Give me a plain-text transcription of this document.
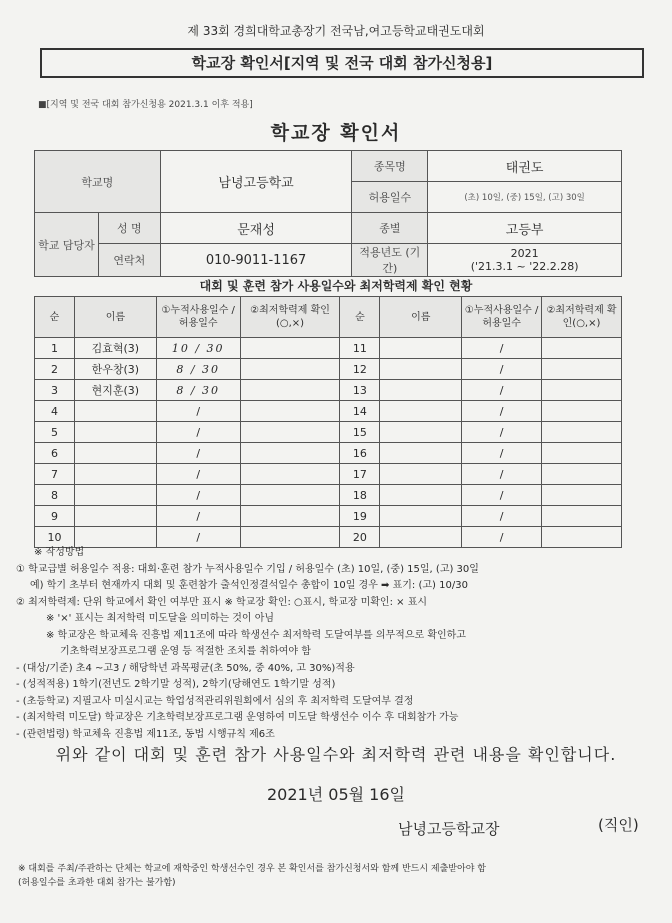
제 33회 경희대학교총장기 전국남,여고등학교태권도대회
학교장 확인서[지역 및 전국 대회 참가신청용]
■[지역 및 전국 대회 참가신청용 2021.3.1 이후 적용]
학교장 확인서
학교명		남녕고등학교	종목명	태권도
			허용일수	(초) 10일, (중) 15일, (고) 30일
학교 담당자	성 명	문재성	종별	고등부
	연락처	010-9011-1167	적용년도 (기간)	2021
('21.3.1 ~ '22.2.28)
대회 및 훈련 참가 사용일수와 최저학력제 확인 현황
순	이름	①누적사용일수 /허용일수	②최저학력제 확인(○,×)	순	이름	①누적사용일수 /허용일수	②최저학력제 확인(○,×)
1	김효혁(3)	10 / 30		11		/	
2	한우창(3)	8 / 30		12		/	
3	현지훈(3)	8 / 30		13		/	
4		/		14		/	
5		/		15		/	
6		/		16		/	
7		/		17		/	
8		/		18		/	
9		/		19		/	
10		/		20		/	
※ 작성방법
① 학교급별 허용일수 적용: 대회·훈련 참가 누적사용일수 기입 / 허용일수 (초) 10일, (중) 15일, (고) 30일
예) 학기 초부터 현재까지 대회 및 훈련참가 출석인정결석일수 총합이 10일 경우 ➡ 표기: (고) 10/30
② 최저학력제: 단위 학교에서 확인 여부만 표시 ※ 학교장 확인: ○표시, 학교장 미확인: × 표시
※ '×' 표시는 최저학력 미도달을 의미하는 것이 아님
※ 학교장은 학교체육 진흥법 제11조에 따라 학생선수 최저학력 도달여부를 의무적으로 확인하고
기초학력보장프로그램 운영 등 적절한 조치를 취하여야 함
- (대상/기준) 초4 ~고3 / 해당학년 과목평균(초 50%, 중 40%, 고 30%)적용
- (성적적용) 1학기(전년도 2학기말 성적), 2학기(당해연도 1학기말 성적)
- (초등학교) 지필고사 미실시교는 학업성적관리위원회에서 심의 후 최저학력 도달여부 결정
- (최저학력 미도달) 학교장은 기초학력보장프로그램 운영하여 미도달 학생선수 이수 후 대회참가 가능
- (관련법령) 학교체육 진흥법 제11조, 동법 시행규칙 제6조
위와 같이 대회 및 훈련 참가 사용일수와 최저학력 관련 내용을 확인합니다.
2021년 05월 16일
남녕고등학교장	(직인)
※ 대회를 주최/주관하는 단체는 학교에 재학중인 학생선수인 경우 본 확인서를 참가신청서와 함께 반드시 제출받아야 함
(허용일수를 초과한 대회 참가는 불가함)
